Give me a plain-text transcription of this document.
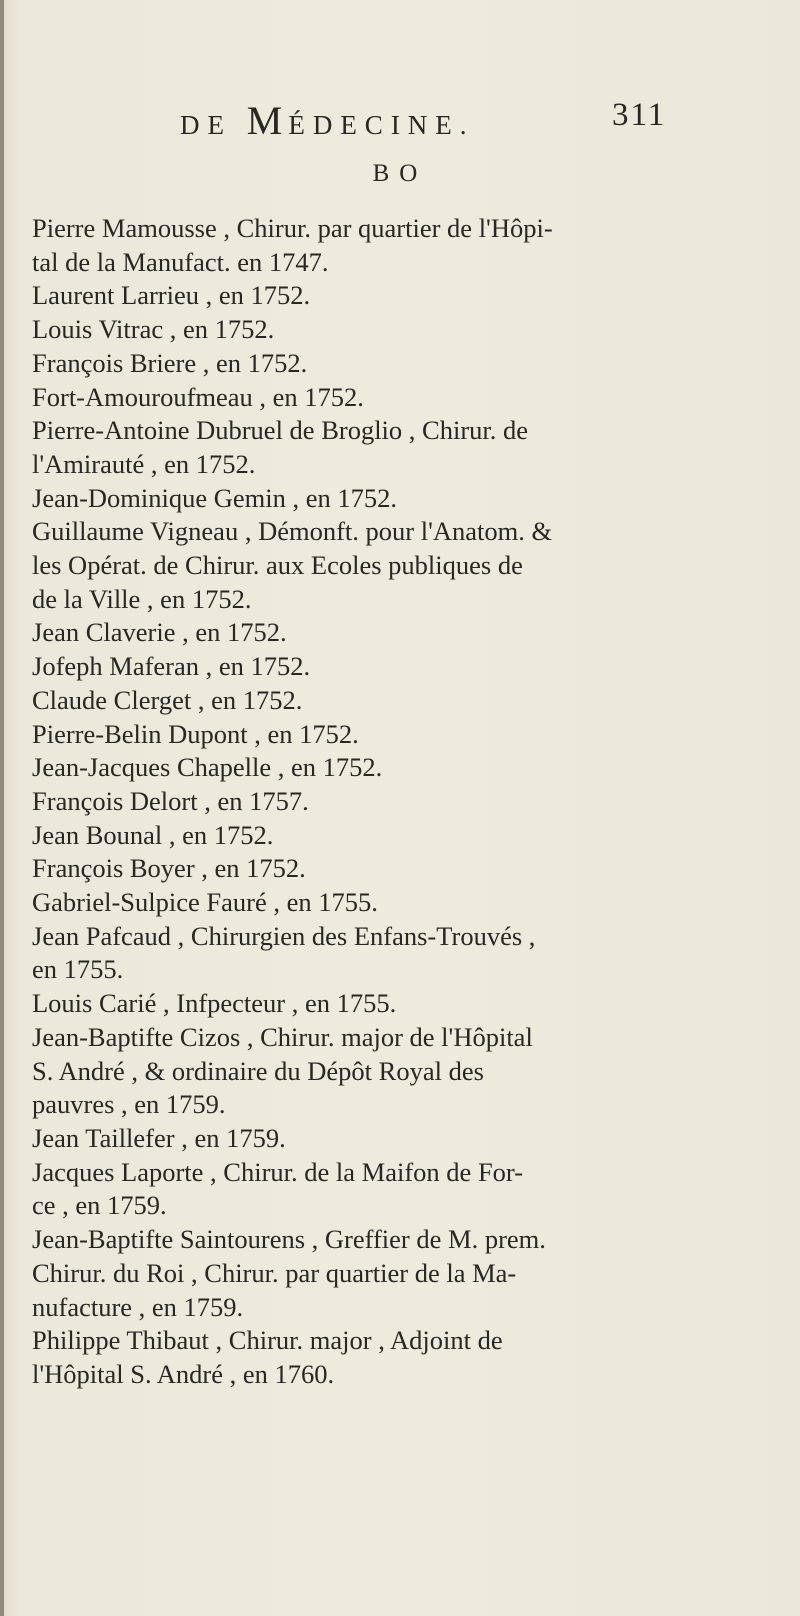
DE MÉDECINE.	311
BO
Pierre Mamousse , Chirur. par quartier de l'Hôpi-
tal de la Manufact. en 1747.
Laurent Larrieu , en 1752.
Louis Vitrac , en 1752.
François Briere , en 1752.
Fort-Amouroufmeau , en 1752.
Pierre-Antoine Dubruel de Broglio , Chirur. de
l'Amirauté , en 1752.
Jean-Dominique Gemin , en 1752.
Guillaume Vigneau , Démonft. pour l'Anatom. &
les Opérat. de Chirur. aux Ecoles publiques de
de la Ville , en 1752.
Jean Claverie , en 1752.
Jofeph Maferan , en 1752.
Claude Clerget , en 1752.
Pierre-Belin Dupont , en 1752.
Jean-Jacques Chapelle , en 1752.
François Delort , en 1757.
Jean Bounal , en 1752.
François Boyer , en 1752.
Gabriel-Sulpice Fauré , en 1755.
Jean Pafcaud , Chirurgien des Enfans-Trouvés ,
en 1755.
Louis Carié , Infpecteur , en 1755.
Jean-Baptifte Cizos , Chirur. major de l'Hôpital
S. André , & ordinaire du Dépôt Royal des
pauvres , en 1759.
Jean Taillefer , en 1759.
Jacques Laporte , Chirur. de la Maifon de For-
ce , en 1759.
Jean-Baptifte Saintourens , Greffier de M. prem.
Chirur. du Roi , Chirur. par quartier de la Ma-
nufacture , en 1759.
Philippe Thibaut , Chirur. major , Adjoint de
l'Hôpital S. André , en 1760.
